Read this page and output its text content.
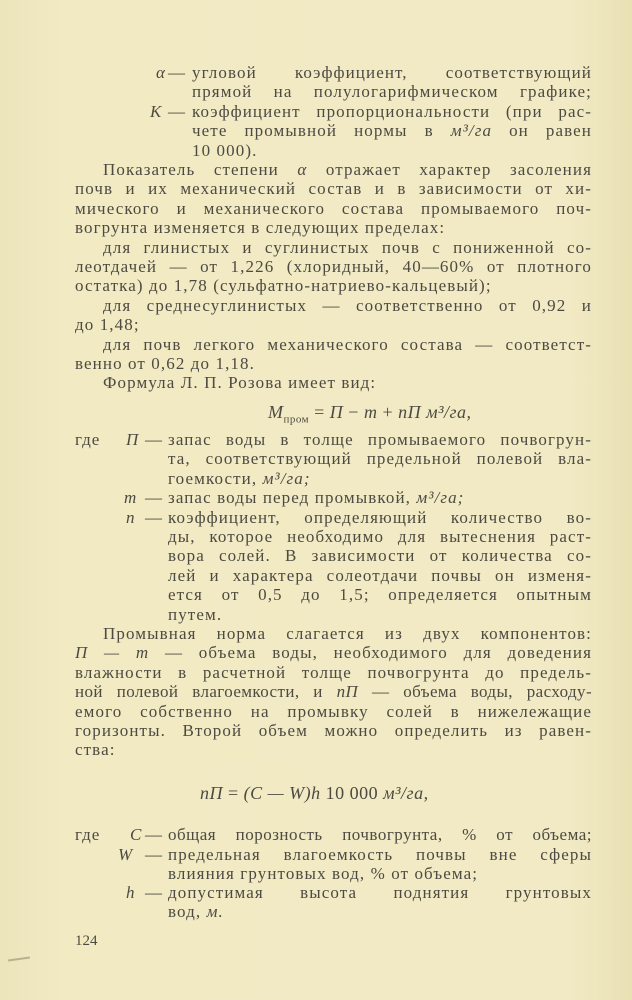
α — угловой коэффициент, соответствующий
прямой на полулогарифмическом графике;
К — коэффициент пропорциональности (при рас-
чете промывной нормы в м³/га он равен
10 000).
Показатель степени α отражает характер засоления
почв и их механический состав и в зависимости от хи-
мического и механического состава промываемого поч-
вогрунта изменяется в следующих пределах:
для глинистых и суглинистых почв с пониженной со-
леотдачей — от 1,226 (хлоридный, 40—60% от плотного
остатка) до 1,78 (сульфатно-натриево-кальцевый);
для среднесуглинистых — соответственно от 0,92 и
до 1,48;
для почв легкого механического состава — соответст-
венно от 0,62 до 1,18.
Формула Л. П. Розова имеет вид:
$М_{пром} = П - m$ + nП м³/га,
где П — запас воды в толще промываемого почвогрун-
та, соответствующий предельной полевой вла-
гоемкости, м³/га;
m — запас воды перед промывкой, м³/га;
n — коэффициент, определяющий количество во-
ды, которое необходимо для вытеснения раст-
вора солей. В зависимости от количества со-
лей и характера солеотдачи почвы он изменя-
ется от 0,5 до 1,5; определяется опытным
путем.
Промывная норма слагается из двух компонентов:
П — m — объема воды, необходимого для доведения
влажности в расчетной толще почвогрунта до предель-
ной полевой влагоемкости, и nП — объема воды, расходу-
емого собственно на промывку солей в нижележащие
горизонты. Второй объем можно определить из равен-
ства:
nП = (C — W)h 10 000 м³/га,
где C — общая порозность почвогрунта, % от объема;
W — предельная влагоемкость почвы вне сферы
влияния грунтовых вод, % от объема;
h — допустимая высота поднятия грунтовых
вод, м.
124
